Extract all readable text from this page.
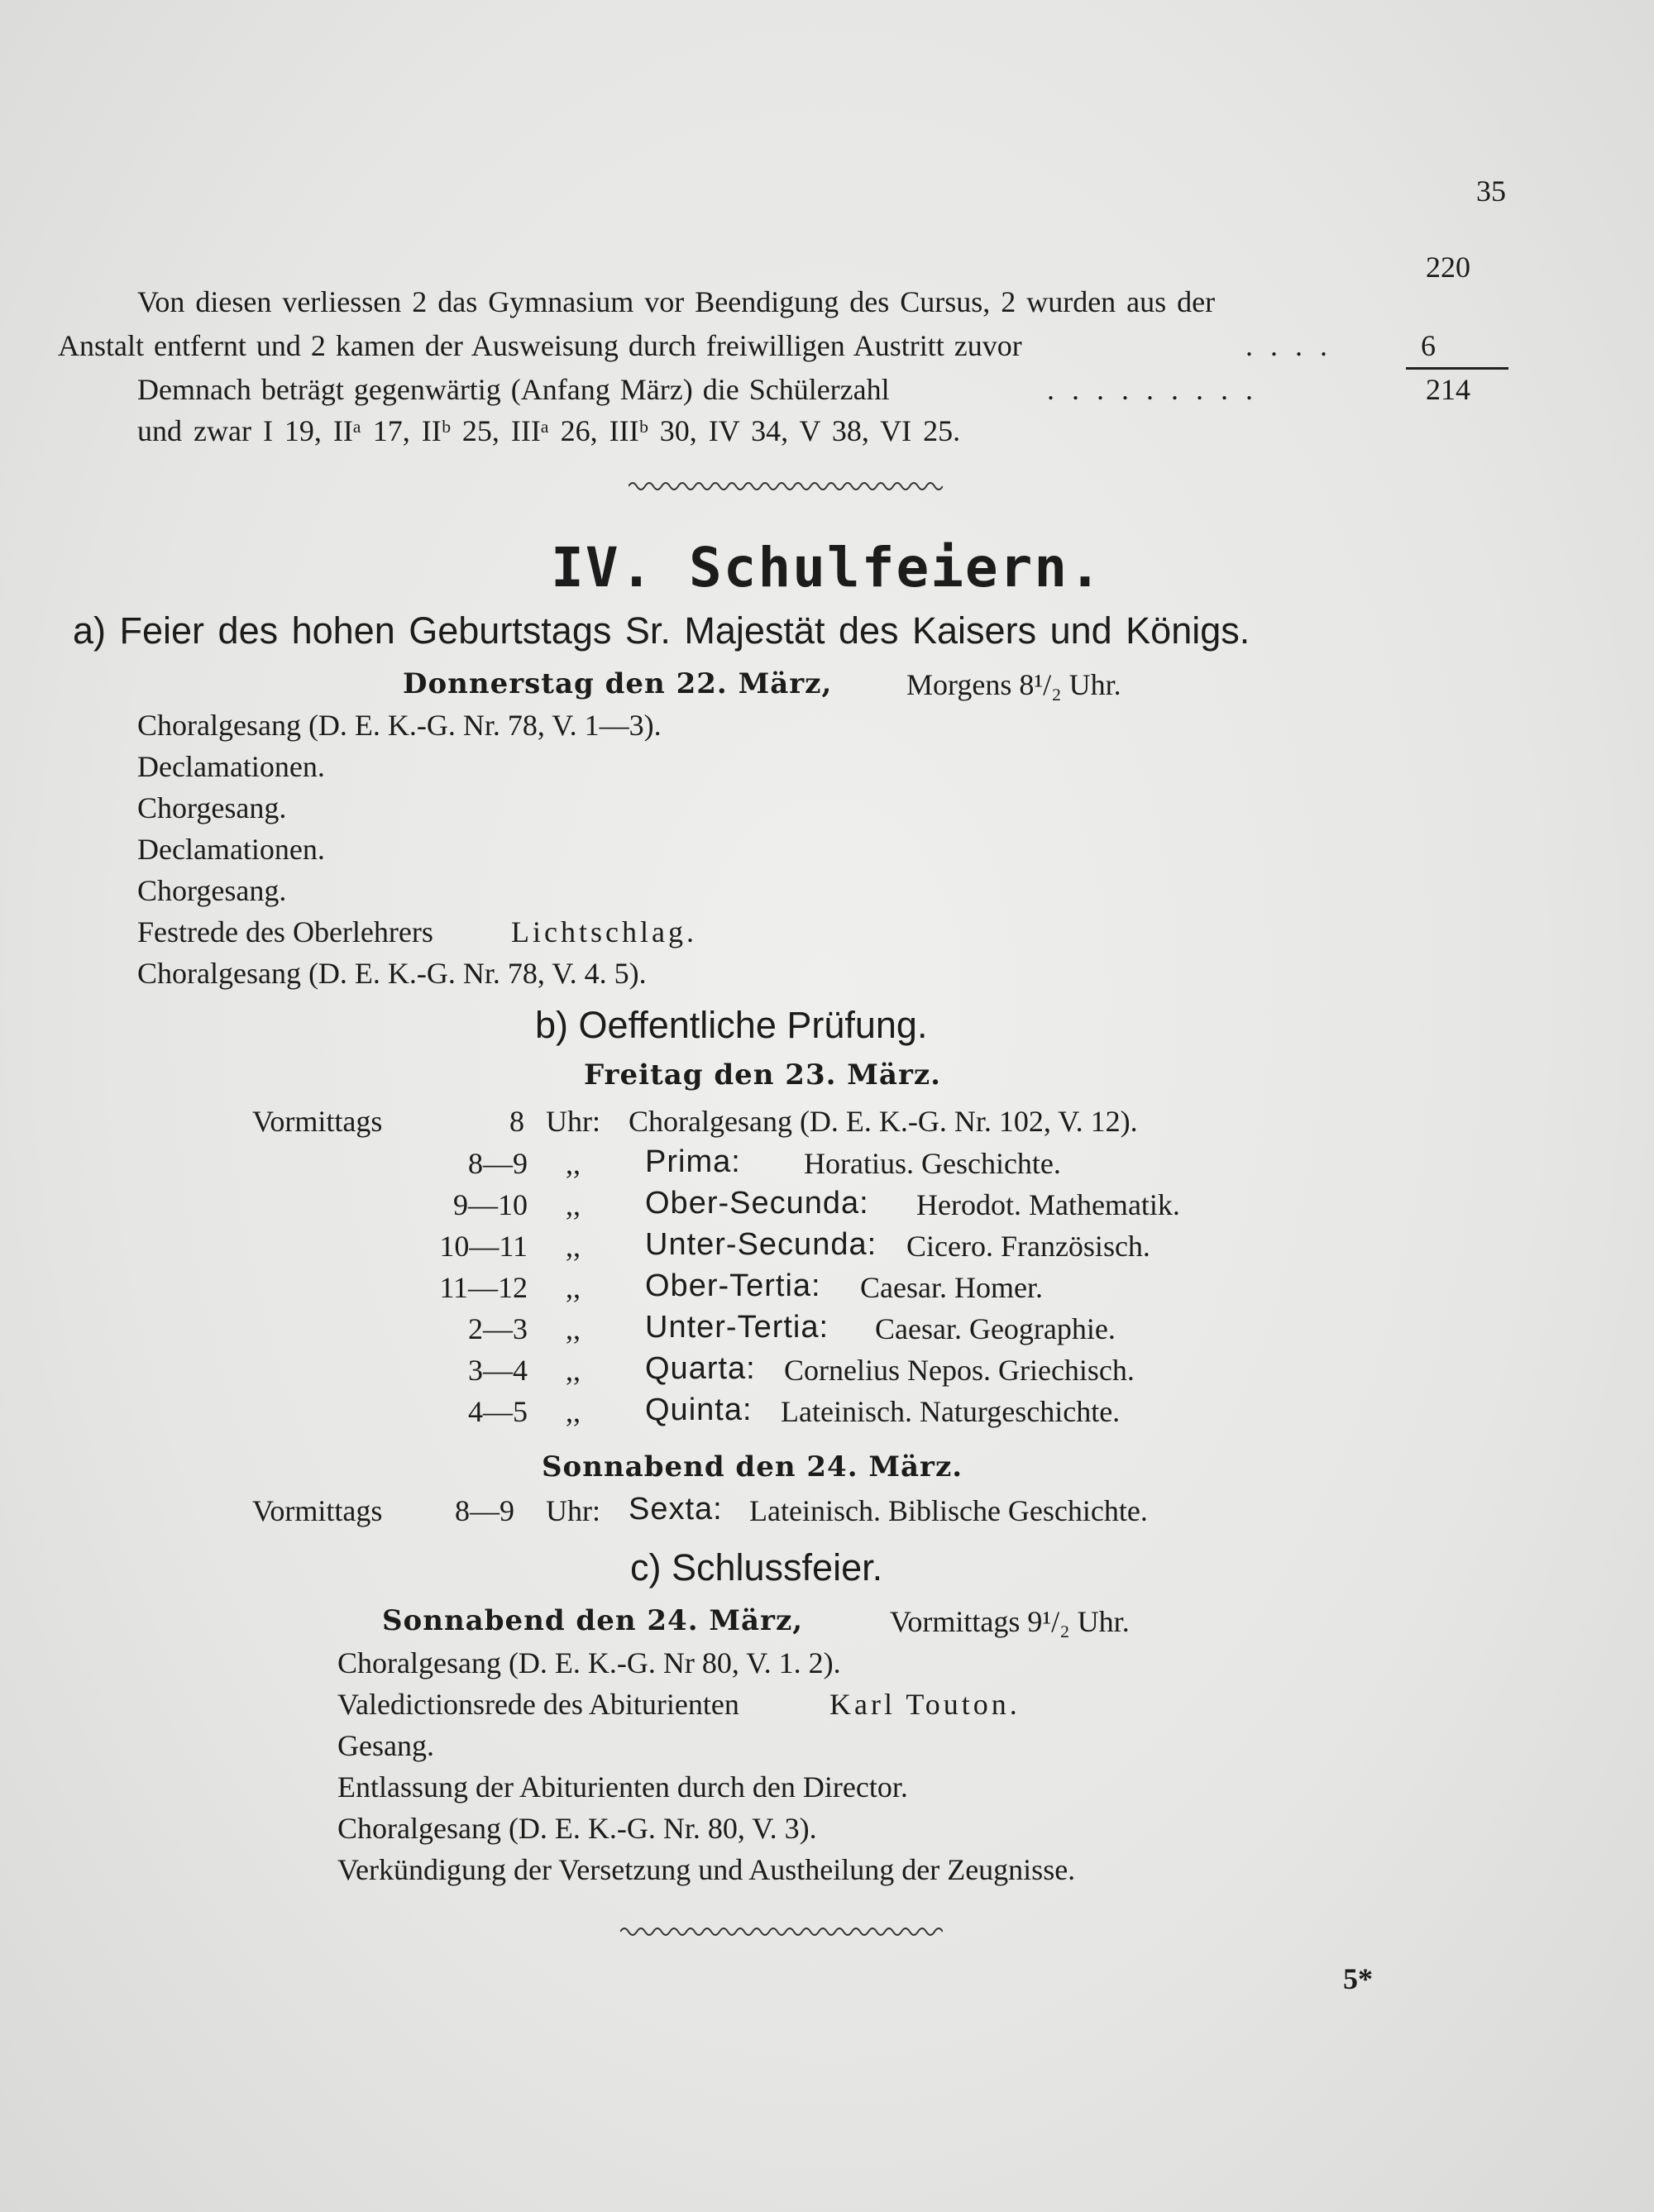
35
220
Von diesen verliessen 2 das Gymnasium vor Beendigung des Cursus, 2 wurden aus der
Anstalt entfernt und 2 kamen der Ausweisung durch freiwilligen Austritt zuvor	. . . .	6
Demnach beträgt gegenwärtig (Anfang März) die Schülerzahl	. . . . . . . . .	214
und zwar I 19, IIᵃ 17, IIᵇ 25, IIIᵃ 26, IIIᵇ 30, IV 34, V 38, VI 25.
IV. Schulfeiern.
a) Feier des hohen Geburtstags Sr. Majestät des Kaisers und Königs.
Donnerstag den 22. März, Morgens 8¹/₂ Uhr.
Choralgesang (D. E. K.-G. Nr. 78, V. 1—3).
Declamationen.
Chorgesang.
Declamationen.
Chorgesang.
Festrede des Oberlehrers	Lichtschlag.
Choralgesang (D. E. K.-G. Nr. 78, V. 4. 5).
b) Oeffentliche Prüfung.
Freitag den 23. März.
Vormittags	8 Uhr: Choralgesang (D. E. K.-G. Nr. 102, V. 12).
8—9 ,, Prima: Horatius. Geschichte.
9—10 ,, Ober-Secunda: Herodot. Mathematik.
10—11 ,, Unter-Secunda: Cicero. Französisch.
11—12 ,, Ober-Tertia: Caesar. Homer.
2—3 ,, Unter-Tertia: Caesar. Geographie.
3—4 ,, Quarta: Cornelius Nepos. Griechisch.
4—5 ,, Quinta: Lateinisch. Naturgeschichte.
Sonnabend den 24. März.
Vormittags 8—9 Uhr: Sexta: Lateinisch. Biblische Geschichte.
c) Schlussfeier.
Sonnabend den 24. März,	Vormittags 9¹/₂ Uhr.
Choralgesang (D. E. K.-G. Nr 80, V. 1. 2).
Valedictionsrede des Abiturienten	Karl Touton.
Gesang.
Entlassung der Abiturienten durch den Director.
Choralgesang (D. E. K.-G. Nr. 80, V. 3).
Verkündigung der Versetzung und Austheilung der Zeugnisse.
5*
